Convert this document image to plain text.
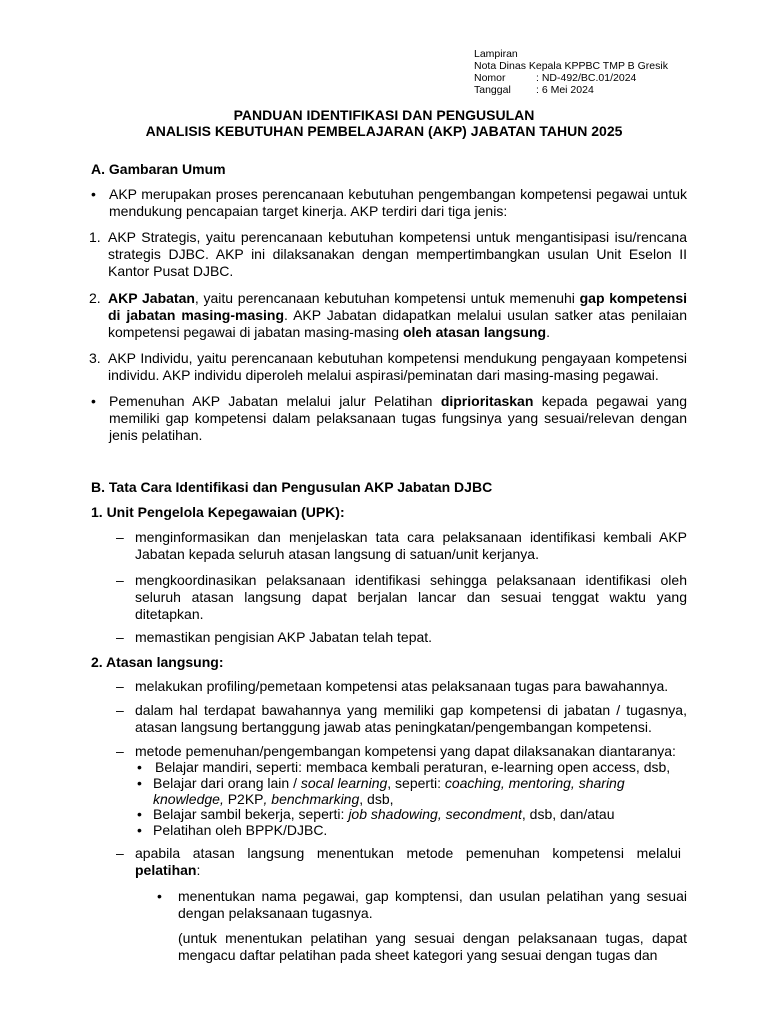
Lampiran
Nota Dinas Kepala KPPBC TMP B Gresik
Nomor	: ND-492/BC.01/2024
Tanggal	: 6 Mei 2024
PANDUAN IDENTIFIKASI DAN PENGUSULAN
ANALISIS KEBUTUHAN PEMBELAJARAN (AKP) JABATAN TAHUN 2025
A. Gambaran Umum
• AKP merupakan proses perencanaan kebutuhan pengembangan kompetensi pegawai untuk mendukung pencapaian target kinerja. AKP terdiri dari tiga jenis:
1. AKP Strategis, yaitu perencanaan kebutuhan kompetensi untuk mengantisipasi isu/rencana strategis DJBC. AKP ini dilaksanakan dengan mempertimbangkan usulan Unit Eselon II Kantor Pusat DJBC.
2. AKP Jabatan, yaitu perencanaan kebutuhan kompetensi untuk memenuhi gap kompetensi di jabatan masing-masing. AKP Jabatan didapatkan melalui usulan satker atas penilaian kompetensi pegawai di jabatan masing-masing oleh atasan langsung.
3. AKP Individu, yaitu perencanaan kebutuhan kompetensi mendukung pengayaan kompetensi individu. AKP individu diperoleh melalui aspirasi/peminatan dari masing-masing pegawai.
• Pemenuhan AKP Jabatan melalui jalur Pelatihan diprioritaskan kepada pegawai yang memiliki gap kompetensi dalam pelaksanaan tugas fungsinya yang sesuai/relevan dengan jenis pelatihan.
B. Tata Cara Identifikasi dan Pengusulan AKP Jabatan DJBC
1. Unit Pengelola Kepegawaian (UPK):
– menginformasikan dan menjelaskan tata cara pelaksanaan identifikasi kembali AKP Jabatan kepada seluruh atasan langsung di satuan/unit kerjanya.
– mengkoordinasikan pelaksanaan identifikasi sehingga pelaksanaan identifikasi oleh seluruh atasan langsung dapat berjalan lancar dan sesuai tenggat waktu yang ditetapkan.
– memastikan pengisian AKP Jabatan telah tepat.
2. Atasan langsung:
– melakukan profiling/pemetaan kompetensi atas pelaksanaan tugas para bawahannya.
– dalam hal terdapat bawahannya yang memiliki gap kompetensi di jabatan / tugasnya, atasan langsung bertanggung jawab atas peningkatan/pengembangan kompetensi.
– metode pemenuhan/pengembangan kompetensi yang dapat dilaksanakan diantaranya:
• Belajar mandiri, seperti: membaca kembali peraturan, e-learning open access, dsb,
• Belajar dari orang lain / socal learning, seperti: coaching, mentoring, sharing knowledge, P2KP, benchmarking, dsb,
• Belajar sambil bekerja, seperti: job shadowing, secondment, dsb, dan/atau
• Pelatihan oleh BPPK/DJBC.
– apabila atasan langsung menentukan metode pemenuhan kompetensi melalui pelatihan:
• menentukan nama pegawai, gap komptensi, dan usulan pelatihan yang sesuai dengan pelaksanaan tugasnya.
(untuk menentukan pelatihan yang sesuai dengan pelaksanaan tugas, dapat mengacu daftar pelatihan pada sheet kategori yang sesuai dengan tugas dan
